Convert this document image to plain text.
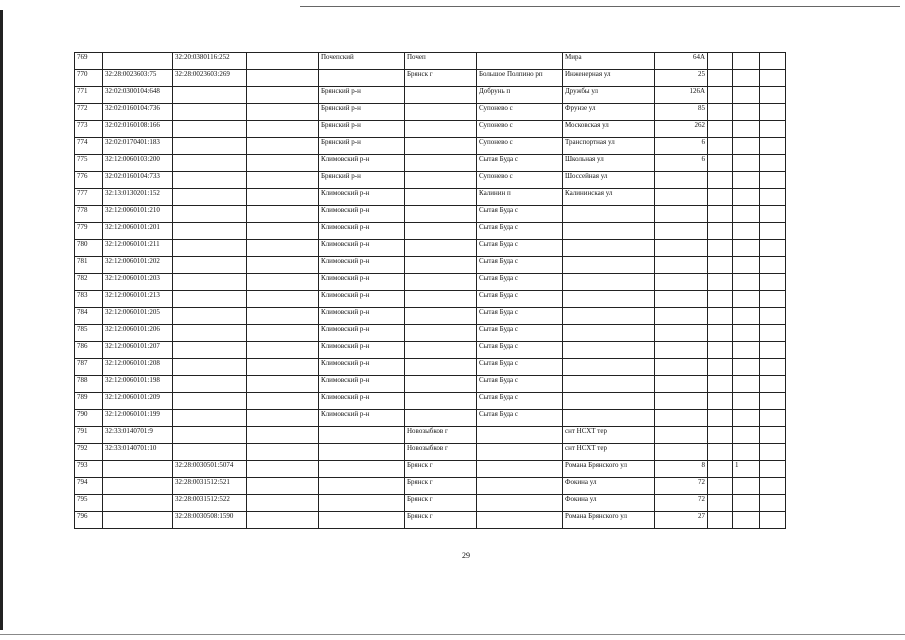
769		32:20:0380116:252		Почепский	Почеп		Мира	64А			
770	32:28:0023603:75	32:28:0023603:269			Брянск г	Большое Полпино рп	Инженерная ул	25			
771	32:02:0300104:648			Брянский р-н		Добрунь п	Дружбы ул	126А			
772	32:02:0160104:736			Брянский р-н		Супонево с	Фрунзе ул	85			
773	32:02:0160108:166			Брянский р-н		Супонево с	Московская ул	262			
774	32:02:0170401:183			Брянский р-н		Супонево с	Транспортная ул	6			
775	32:12:0060103:200			Климовский р-н		Сытая Буда с	Школьная ул	6			
776	32:02:0160104:733			Брянский р-н		Супонево с	Шоссейная ул				
777	32:13:0130201:152			Климовский р-н		Калинин п	Калининская ул				
778	32:12:0060101:210			Климовский р-н		Сытая Буда с					
779	32:12:0060101:201			Климовский р-н		Сытая Буда с					
780	32:12:0060101:211			Климовский р-н		Сытая Буда с					
781	32:12:0060101:202			Климовский р-н		Сытая Буда с					
782	32:12:0060101:203			Климовский р-н		Сытая Буда с					
783	32:12:0060101:213			Климовский р-н		Сытая Буда с					
784	32:12:0060101:205			Климовский р-н		Сытая Буда с					
785	32:12:0060101:206			Климовский р-н		Сытая Буда с					
786	32:12:0060101:207			Климовский р-н		Сытая Буда с					
787	32:12:0060101:208			Климовский р-н		Сытая Буда с					
788	32:12:0060101:198			Климовский р-н		Сытая Буда с					
789	32:12:0060101:209			Климовский р-н		Сытая Буда с					
790	32:12:0060101:199			Климовский р-н		Сытая Буда с					
791	32:33:0140701:9				Новозыбков г		снт НСХТ тер				
792	32:33:0140701:10				Новозыбков г		снт НСХТ тер				
793		32:28:0030501:5074			Брянск г		Романа Брянского ул	8		1	
794		32:28:0031512:521			Брянск г		Фокина ул	72			
795		32:28:0031512:522			Брянск г		Фокина ул	72			
796		32:28:0030508:1590			Брянск г		Романа Брянского ул	27			
29
